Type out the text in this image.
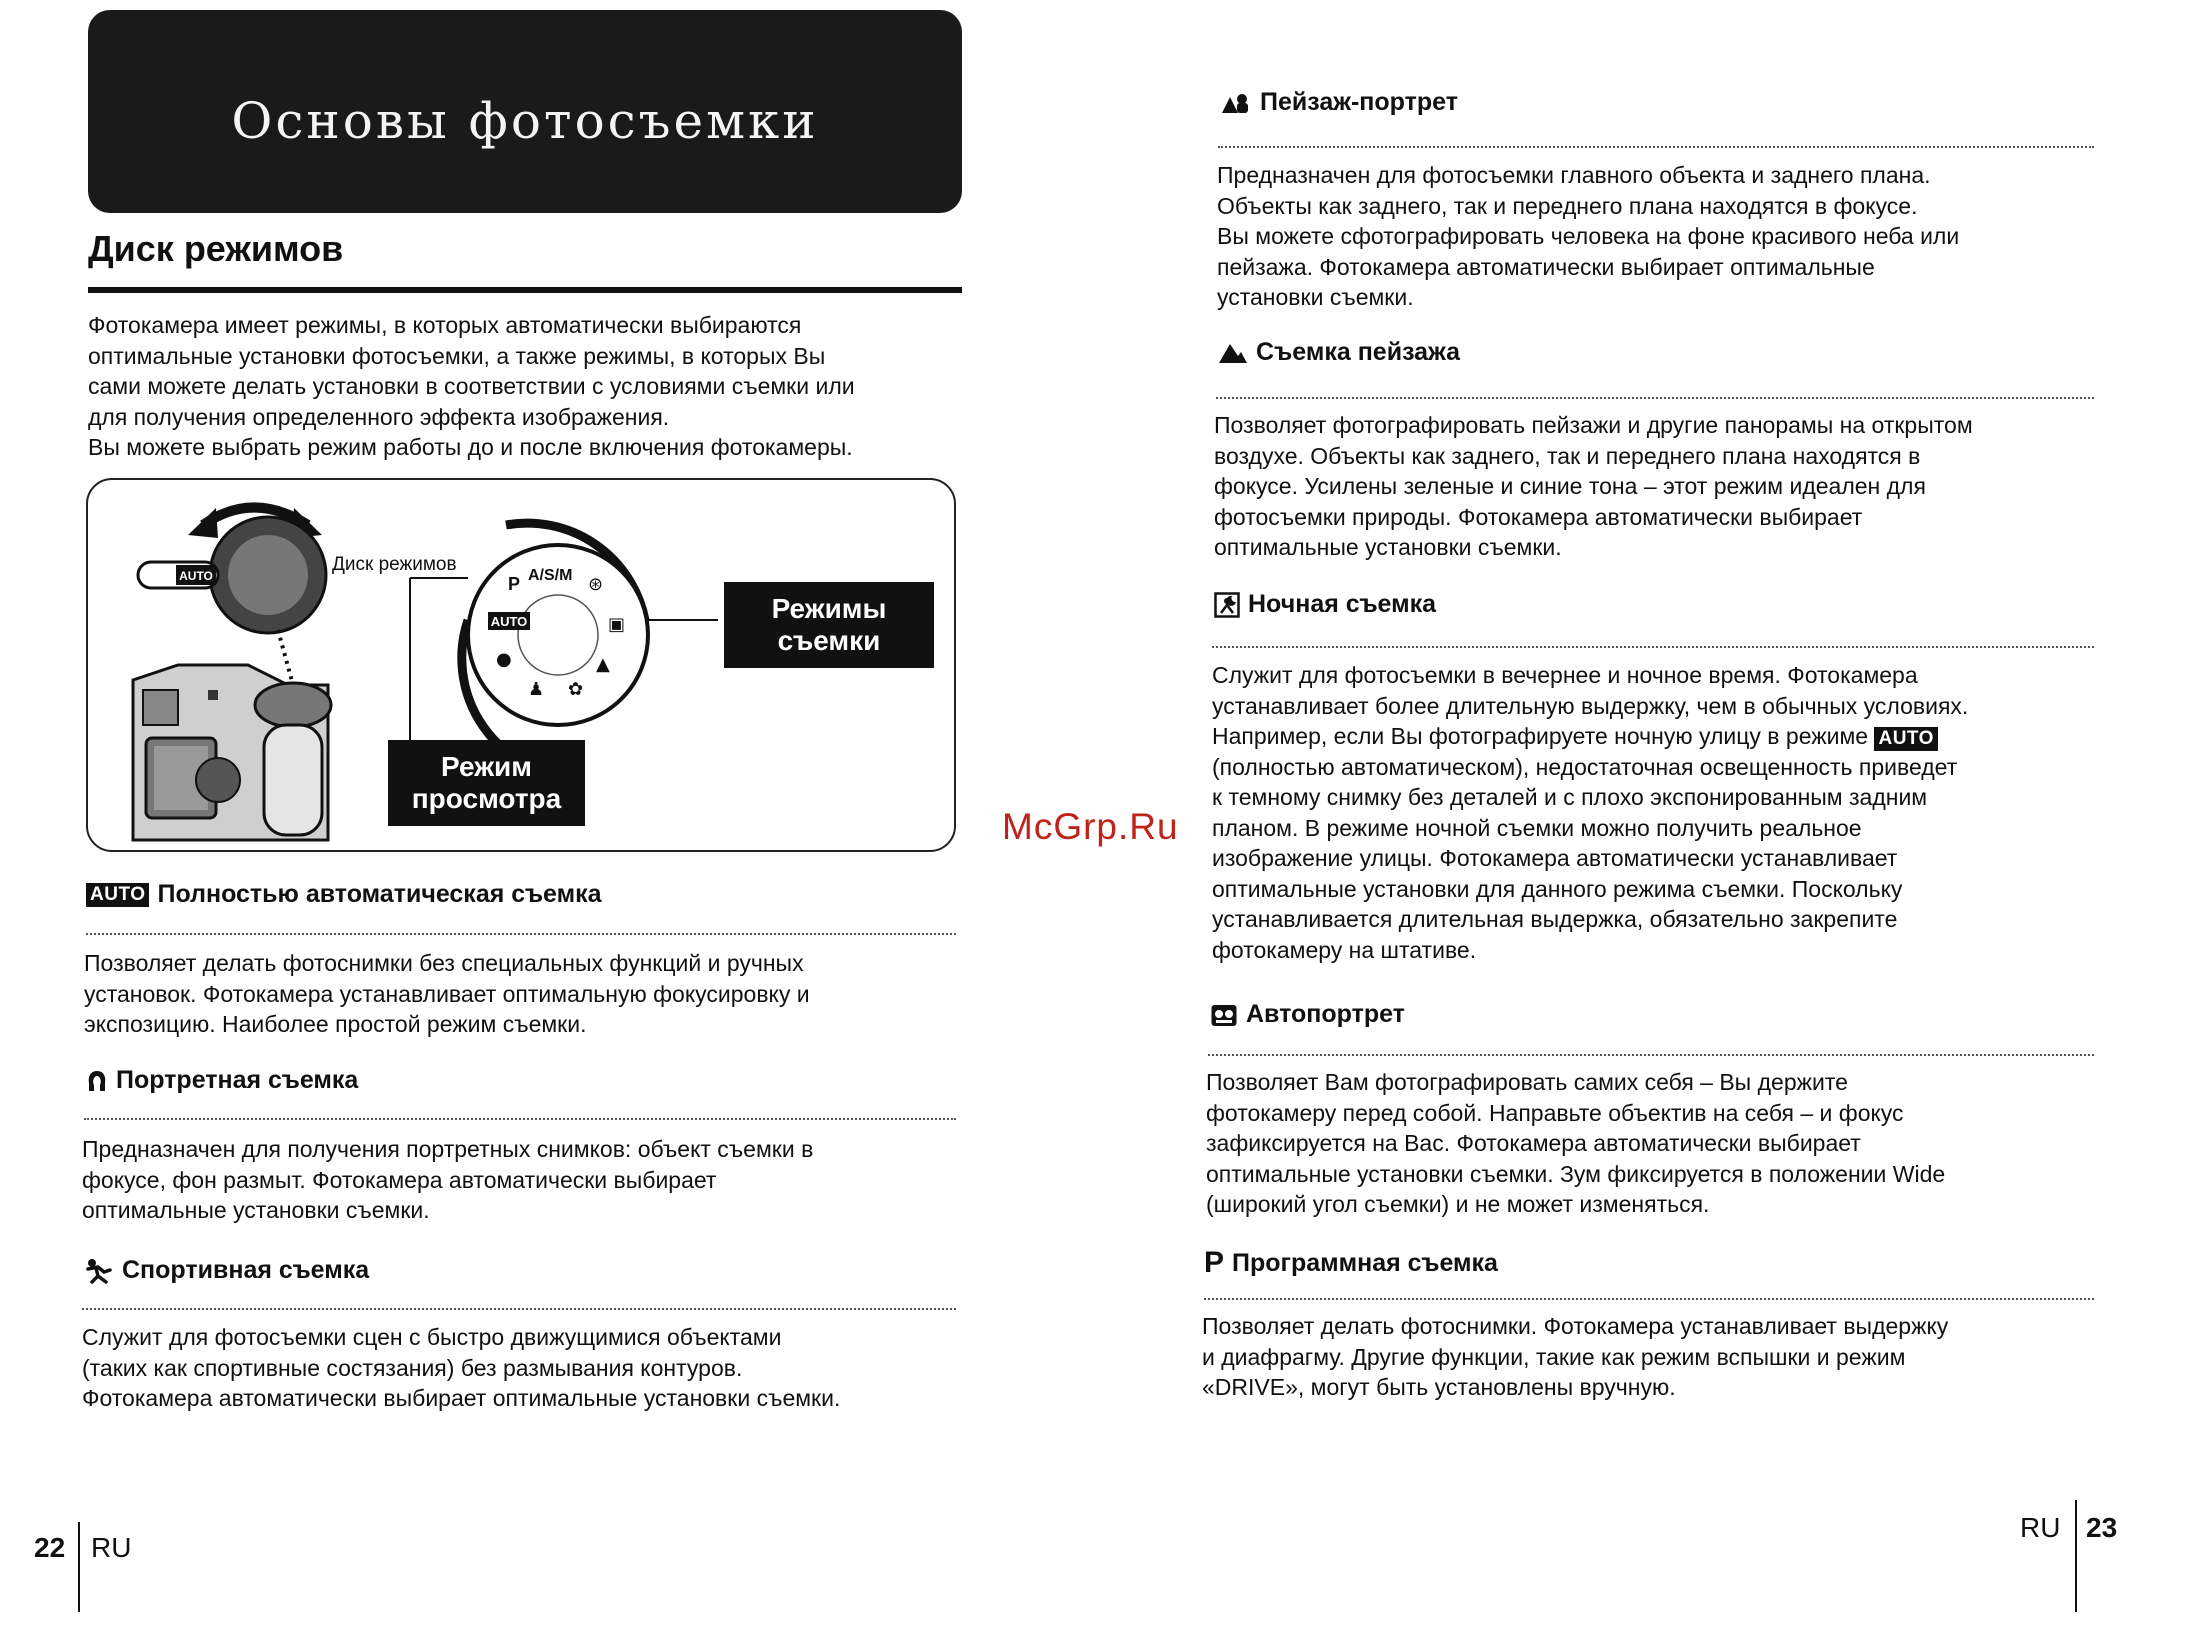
Основы фотосъемки
Диск режимов
Фотокамера имеет режимы, в которых автоматически выбираются
оптимальные установки фотосъемки, а также режимы, в которых Вы
сами можете делать установки в соответствии с условиями съемки или
для получения определенного эффекта изображения.
Вы можете выбрать режим работы до и после включения фотокамеры.
AUTO
AUTO
A/S/M
P	⊛
▣
▲
✿
♟
●
Диск режимов
Режимы
съемки
Режим
просмотра
AUTO Полностью автоматическая съемка
Позволяет делать фотоснимки без специальных функций и ручных
установок. Фотокамера устанавливает оптимальную фокусировку и
экспозицию. Наиболее простой режим съемки.
Портретная съемка
Предназначен для получения портретных снимков: объект съемки в
фокусе, фон размыт. Фотокамера автоматически выбирает
оптимальные установки съемки.
Спортивная съемка
Служит для фотосъемки сцен с быстро движущимися объектами
(таких как спортивные состязания) без размывания контуров.
Фотокамера автоматически выбирает оптимальные установки съемки.
22 RU
Пейзаж-портрет
Предназначен для фотосъемки главного объекта и заднего плана.
Объекты как заднего, так и переднего плана находятся в фокусе.
Вы можете сфотографировать человека на фоне красивого неба или
пейзажа. Фотокамера автоматически выбирает оптимальные
установки съемки.
Съемка пейзажа
Позволяет фотографировать пейзажи и другие панорамы на открытом
воздухе. Объекты как заднего, так и переднего плана находятся в
фокусе. Усилены зеленые и синие тона – этот режим идеален для
фотосъемки природы. Фотокамера автоматически выбирает
оптимальные установки съемки.
Ночная съемка
Служит для фотосъемки в вечернее и ночное время. Фотокамера
устанавливает более длительную выдержку, чем в обычных условиях.
Например, если Вы фотографируете ночную улицу в режиме AUTO
(полностью автоматическом), недостаточная освещенность приведет
к темному снимку без деталей и с плохо экспонированным задним
планом. В режиме ночной съемки можно получить реальное
изображение улицы. Фотокамера автоматически устанавливает
оптимальные установки для данного режима съемки. Поскольку
устанавливается длительная выдержка, обязательно закрепите
фотокамеру на штативе.
Автопортрет
Позволяет Вам фотографировать самих себя – Вы держите
фотокамеру перед собой. Направьте объектив на себя – и фокус
зафиксируется на Вас. Фотокамера автоматически выбирает
оптимальные установки съемки. Зум фиксируется в положении Wide
(широкий угол съемки) и не может изменяться.
P Программная съемка
Позволяет делать фотоснимки. Фотокамера устанавливает выдержку
и диафрагму. Другие функции, такие как режим вспышки и режим
«DRIVE», могут быть установлены вручную.
RU 23
McGrp.Ru
